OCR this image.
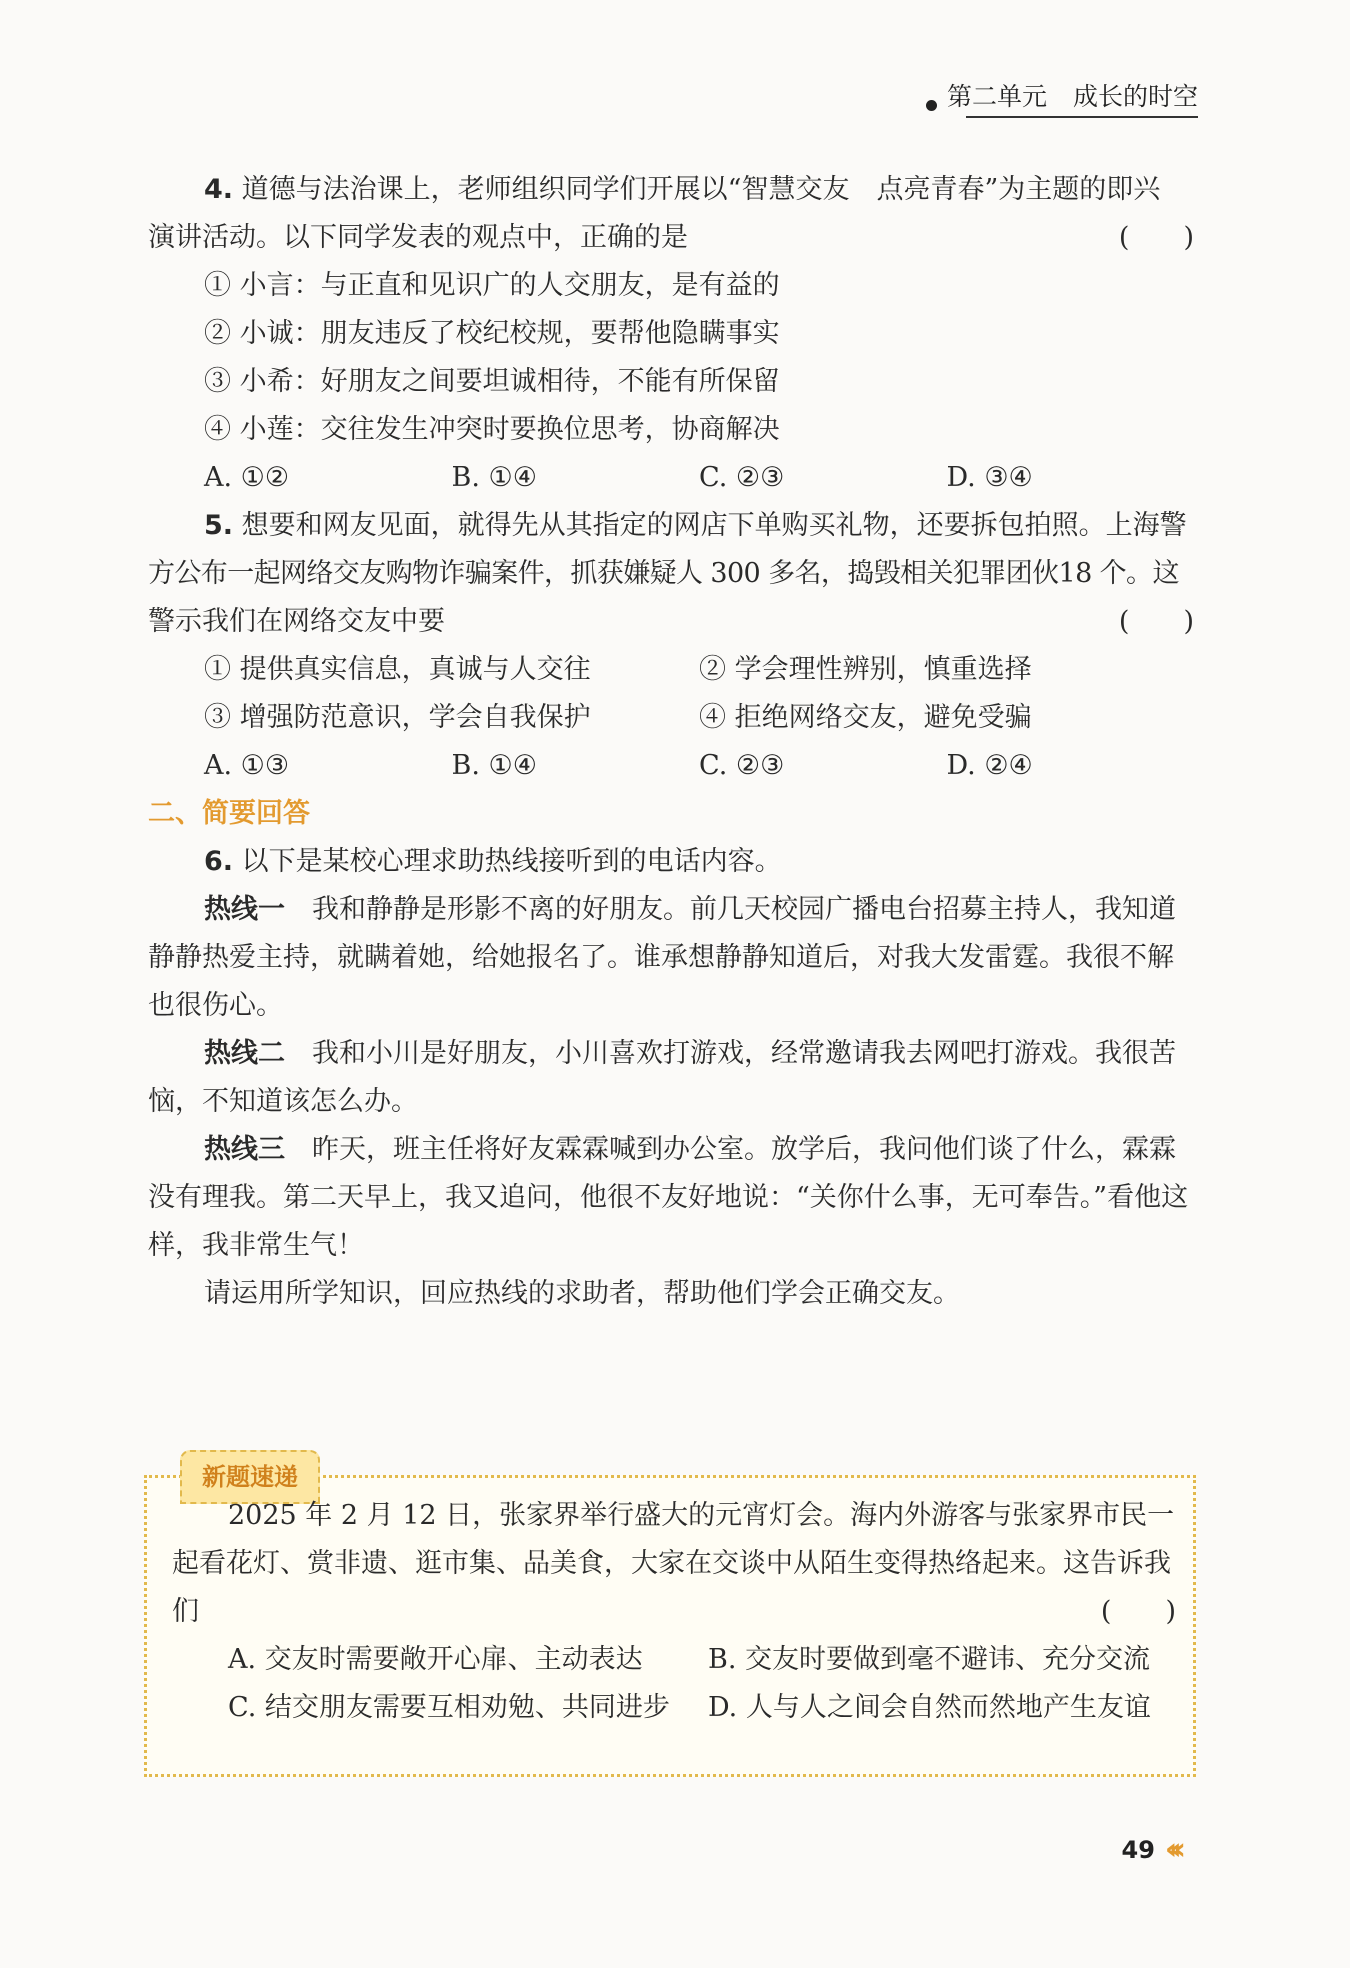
第二单元 成长的时空
4. 道德与法治课上，老师组织同学们开展以“智慧交友　点亮青春”为主题的即兴
演讲活动。以下同学发表的观点中，正确的是	(　　)
① 小言：与正直和见识广的人交朋友，是有益的
② 小诚：朋友违反了校纪校规，要帮他隐瞒事实
③ 小希：好朋友之间要坦诚相待，不能有所保留
④ 小莲：交往发生冲突时要换位思考，协商解决
A. ①②	B. ①④	C. ②③	D. ③④
5. 想要和网友见面，就得先从其指定的网店下单购买礼物，还要拆包拍照。上海警
方公布一起网络交友购物诈骗案件，抓获嫌疑人 300 多名，捣毁相关犯罪团伙18 个。这
警示我们在网络交友中要	(　　)
① 提供真实信息，真诚与人交往	② 学会理性辨别，慎重选择
③ 增强防范意识，学会自我保护	④ 拒绝网络交友，避免受骗
A. ①③	B. ①④	C. ②③	D. ②④
二、简要回答
6. 以下是某校心理求助热线接听到的电话内容。
热线一　我和静静是形影不离的好朋友。前几天校园广播电台招募主持人，我知道静静热爱主持，就瞒着她，给她报名了。谁承想静静知道后，对我大发雷霆。我很不解也很伤心。
热线二　我和小川是好朋友，小川喜欢打游戏，经常邀请我去网吧打游戏。我很苦恼，不知道该怎么办。
热线三　昨天，班主任将好友霖霖喊到办公室。放学后，我问他们谈了什么，霖霖没有理我。第二天早上，我又追问，他很不友好地说：“关你什么事，无可奉告。”看他这样，我非常生气！
请运用所学知识，回应热线的求助者，帮助他们学会正确交友。
新题速递
2025 年 2 月 12 日，张家界举行盛大的元宵灯会。海内外游客与张家界市民一起看花灯、赏非遗、逛市集、品美食，大家在交谈中从陌生变得热络起来。这告诉我们	(　　)
A. 交友时需要敞开心扉、主动表达	B. 交友时要做到毫不避讳、充分交流
C. 结交朋友需要互相劝勉、共同进步	D. 人与人之间会自然而然地产生友谊
49 ‹‹‹
